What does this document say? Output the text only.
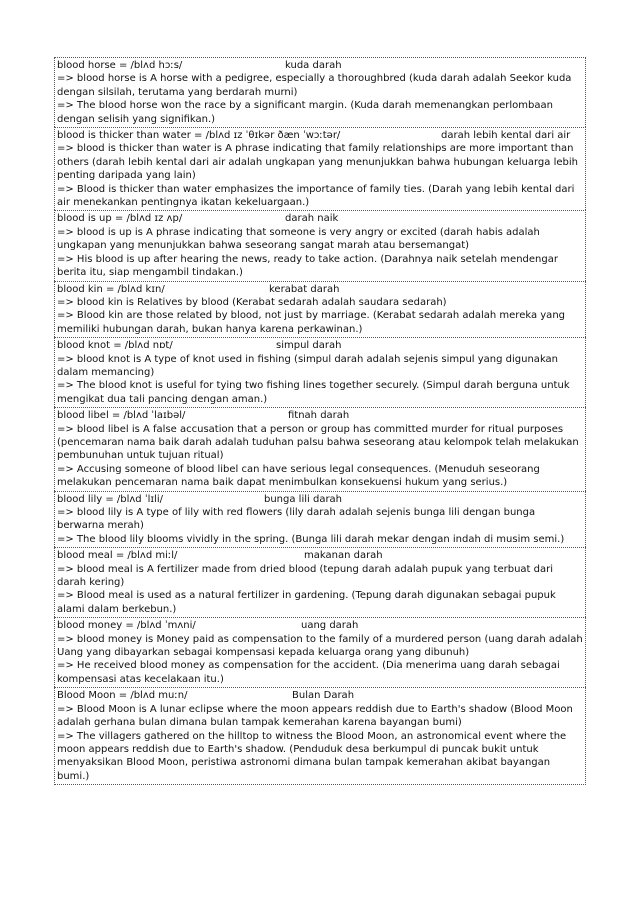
blood horse = /blʌd hɔːs/	kuda darah

=> blood horse is A horse with a pedigree, especially a thoroughbred (kuda darah adalah Seekor kuda dengan silsilah, terutama yang berdarah murni)

=> The blood horse won the race by a significant margin. (Kuda darah memenangkan perlombaan dengan selisih yang signifikan.)

blood is thicker than water = /blʌd ɪz ˈθɪkər ðæn ˈwɔːtər/	darah lebih kental dari air

=> blood is thicker than water is A phrase indicating that family relationships are more important than others (darah lebih kental dari air adalah ungkapan yang menunjukkan bahwa hubungan keluarga lebih penting daripada yang lain)

=> Blood is thicker than water emphasizes the importance of family ties. (Darah yang lebih kental dari air menekankan pentingnya ikatan kekeluargaan.)

blood is up = /blʌd ɪz ʌp/	darah naik

=> blood is up is A phrase indicating that someone is very angry or excited (darah habis adalah ungkapan yang menunjukkan bahwa seseorang sangat marah atau bersemangat)

=> His blood is up after hearing the news, ready to take action. (Darahnya naik setelah mendengar berita itu, siap mengambil tindakan.)

blood kin = /blʌd kɪn/	kerabat darah

=> blood kin is Relatives by blood (Kerabat sedarah adalah saudara sedarah)

=> Blood kin are those related by blood, not just by marriage. (Kerabat sedarah adalah mereka yang memiliki hubungan darah, bukan hanya karena perkawinan.)

blood knot = /blʌd nɒt/	simpul darah

=> blood knot is A type of knot used in fishing (simpul darah adalah sejenis simpul yang digunakan dalam memancing)

=> The blood knot is useful for tying two fishing lines together securely. (Simpul darah berguna untuk mengikat dua tali pancing dengan aman.)

blood libel = /blʌd ˈlaɪbəl/	fitnah darah

=> blood libel is A false accusation that a person or group has committed murder for ritual purposes (pencemaran nama baik darah adalah tuduhan palsu bahwa seseorang atau kelompok telah melakukan pembunuhan untuk tujuan ritual)

=> Accusing someone of blood libel can have serious legal consequences. (Menuduh seseorang melakukan pencemaran nama baik dapat menimbulkan konsekuensi hukum yang serius.)

blood lily = /blʌd ˈlɪli/	bunga lili darah

=> blood lily is A type of lily with red flowers (lily darah adalah sejenis bunga lili dengan bunga berwarna merah)

=> The blood lily blooms vividly in the spring. (Bunga lili darah mekar dengan indah di musim semi.)

blood meal = /blʌd miːl/	makanan darah

=> blood meal is A fertilizer made from dried blood (tepung darah adalah pupuk yang terbuat dari darah kering)

=> Blood meal is used as a natural fertilizer in gardening. (Tepung darah digunakan sebagai pupuk alami dalam berkebun.)

blood money = /blʌd ˈmʌni/	uang darah

=> blood money is Money paid as compensation to the family of a murdered person (uang darah adalah Uang yang dibayarkan sebagai kompensasi kepada keluarga orang yang dibunuh)

=> He received blood money as compensation for the accident. (Dia menerima uang darah sebagai kompensasi atas kecelakaan itu.)

Blood Moon = /blʌd muːn/	Bulan Darah

=> Blood Moon is A lunar eclipse where the moon appears reddish due to Earth's shadow (Blood Moon adalah gerhana bulan dimana bulan tampak kemerahan karena bayangan bumi)

=> The villagers gathered on the hilltop to witness the Blood Moon, an astronomical event where the moon appears reddish due to Earth's shadow. (Penduduk desa berkumpul di puncak bukit untuk menyaksikan Blood Moon, peristiwa astronomi dimana bulan tampak kemerahan akibat bayangan bumi.)
